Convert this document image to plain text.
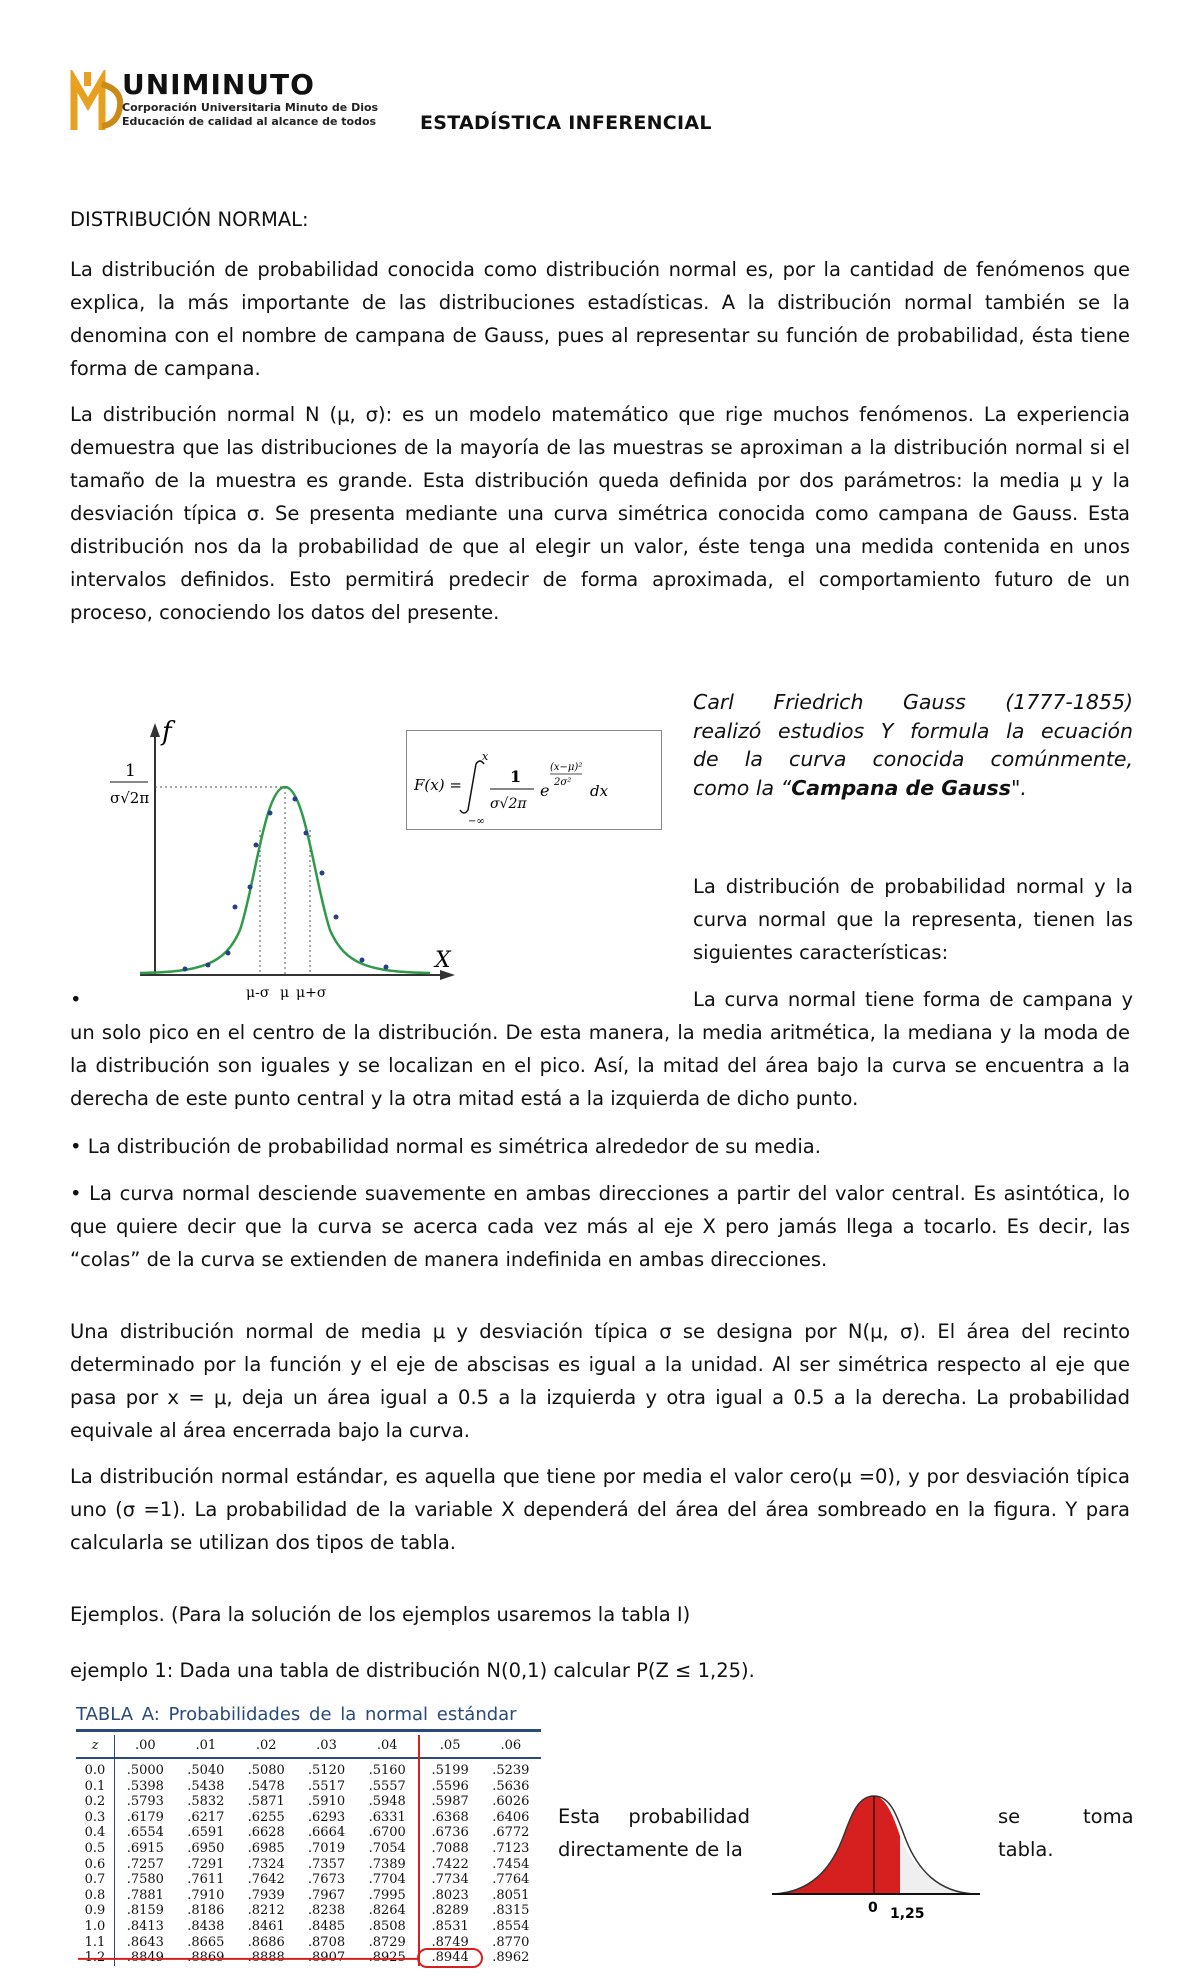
UNIMINUTO
Corporación Universitaria Minuto de Dios
Educación de calidad al alcance de todos ESTADÍSTICA INFERENCIAL
DISTRIBUCIÓN NORMAL:
La distribución de probabilidad conocida como distribución normal es, por la cantidad de fenómenos que
explica, la más importante de las distribuciones estadísticas. A la distribución normal también se la
denomina con el nombre de campana de Gauss, pues al representar su función de probabilidad, ésta tiene
forma de campana.
La distribución normal N (μ, σ): es un modelo matemático que rige muchos fenómenos. La experiencia
demuestra que las distribuciones de la mayoría de las muestras se aproximan a la distribución normal si el
tamaño de la muestra es grande. Esta distribución queda definida por dos parámetros: la media μ y la
desviación típica σ. Se presenta mediante una curva simétrica conocida como campana de Gauss. Esta
distribución nos da la probabilidad de que al elegir un valor, éste tenga una medida contenida en unos
intervalos definidos. Esto permitirá predecir de forma aproximada, el comportamiento futuro de un
proceso, conociendo los datos del presente.
f
X
1
σ√2π
μ-σ μ μ+σ
F(x) =
x
−∞
1
σ√2π
e
(x−μ)²
2σ² dx
Carl Friedrich Gauss (1777-1855)
realizó estudios Y formula la ecuación
de la curva conocida comúnmente,
como la “Campana de Gauss".
La distribución de probabilidad normal y la
curva normal que la representa, tienen las
siguientes características:
•	La curva normal tiene forma de campana y
un solo pico en el centro de la distribución. De esta manera, la media aritmética, la mediana y la moda de
la distribución son iguales y se localizan en el pico. Así, la mitad del área bajo la curva se encuentra a la
derecha de este punto central y la otra mitad está a la izquierda de dicho punto.
• La distribución de probabilidad normal es simétrica alrededor de su media.
• La curva normal desciende suavemente en ambas direcciones a partir del valor central. Es asintótica, lo
que quiere decir que la curva se acerca cada vez más al eje X pero jamás llega a tocarlo. Es decir, las
“colas” de la curva se extienden de manera indefinida en ambas direcciones.
Una distribución normal de media μ y desviación típica σ se designa por N(μ, σ). El área del recinto
determinado por la función y el eje de abscisas es igual a la unidad. Al ser simétrica respecto al eje que
pasa por x = μ, deja un área igual a 0.5 a la izquierda y otra igual a 0.5 a la derecha. La probabilidad
equivale al área encerrada bajo la curva.
La distribución normal estándar, es aquella que tiene por media el valor cero(μ =0), y por desviación típica
uno (σ =1). La probabilidad de la variable X dependerá del área del área sombreado en la figura. Y para
calcularla se utilizan dos tipos de tabla.
Ejemplos. (Para la solución de los ejemplos usaremos la tabla I)
ejemplo 1: Dada una tabla de distribución N(0,1) calcular P(Z ≤ 1,25).
TABLA A: Probabilidades de la normal estándar
z	.00	.01	.02	.03	.04	.05	.06
0.0	.5000	.5040	.5080	.5120	.5160	.5199	.5239
0.1	.5398	.5438	.5478	.5517	.5557	.5596	.5636
0.2	.5793	.5832	.5871	.5910	.5948	.5987	.6026
0.3	.6179	.6217	.6255	.6293	.6331	.6368	.6406
0.4	.6554	.6591	.6628	.6664	.6700	.6736	.6772
0.5	.6915	.6950	.6985	.7019	.7054	.7088	.7123
0.6	.7257	.7291	.7324	.7357	.7389	.7422	.7454
0.7	.7580	.7611	.7642	.7673	.7704	.7734	.7764
0.8	.7881	.7910	.7939	.7967	.7995	.8023	.8051
0.9	.8159	.8186	.8212	.8238	.8264	.8289	.8315
1.0	.8413	.8438	.8461	.8485	.8508	.8531	.8554
1.1	.8643	.8665	.8686	.8708	.8729	.8749	.8770
1.2	.8849	.8869	.8888	.8907	.8925	.8944	.8962
Esta probabilidad
directamente de la
se	toma
tabla.
0 1,25
